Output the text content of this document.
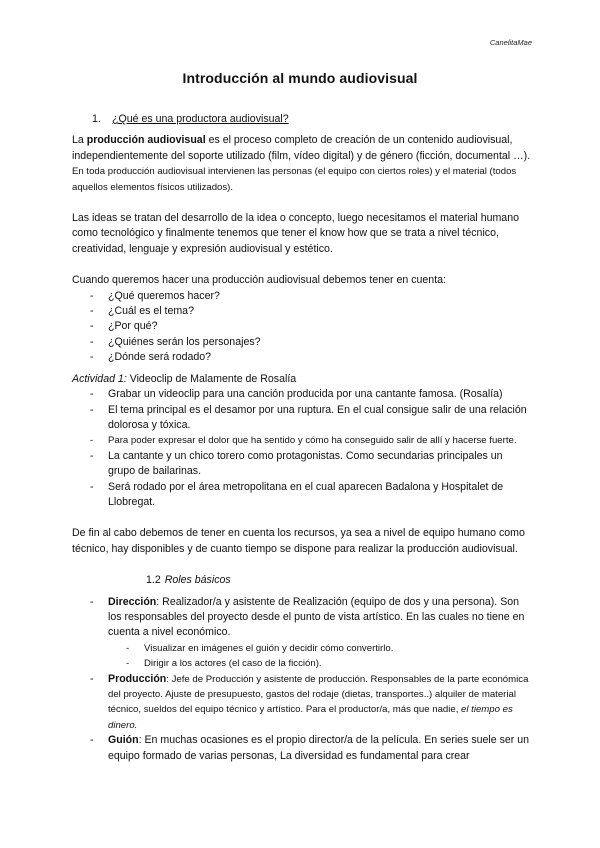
CanelitaMae
Introducción al mundo audiovisual

1. ¿Qué es una productora audiovisual?

La producción audiovisual es el proceso completo de creación de un contenido audiovisual, independientemente del soporte utilizado (film, vídeo digital) y de género (ficción, documental …). En toda producción audiovisual intervienen las personas (el equipo con ciertos roles) y el material (todos aquellos elementos físicos utilizados).

Las ideas se tratan del desarrollo de la idea o concepto, luego necesitamos el material humano como tecnológico y finalmente tenemos que tener el know how que se trata a nivel técnico, creatividad, lenguaje y expresión audiovisual y estético.

Cuando queremos hacer una producción audiovisual debemos tener en cuenta:

- ¿Qué queremos hacer?
- ¿Cuál es el tema?
- ¿Por qué?
- ¿Quiénes serán los personajes?
- ¿Dónde será rodado?

Actividad 1: Videoclip de Malamente de Rosalía

- Grabar un videoclip para una canción producida por una cantante famosa. (Rosalía)
- El tema principal es el desamor por una ruptura. En el cual consigue salir de una relación dolorosa y tóxica.
- Para poder expresar el dolor que ha sentido y cómo ha conseguido salir de allí y hacerse fuerte.
- La cantante y un chico torero como protagonistas. Como secundarias principales un grupo de bailarinas.
- Será rodado por el área metropolitana en el cual aparecen Badalona y Hospitalet de Llobregat.

De fin al cabo debemos de tener en cuenta los recursos, ya sea a nivel de equipo humano como técnico, hay disponibles y de cuanto tiempo se dispone para realizar la producción audiovisual.

1.2 Roles básicos

- Dirección: Realizador/a y asistente de Realización (equipo de dos y una persona). Son los responsables del proyecto desde el punto de vista artístico. En las cuales no tiene en cuenta a nivel económico.
- Visualizar en imágenes el guión y decidir cómo convertirlo.
- Dirigir a los actores (el caso de la ficción).
- Producción: Jefe de Producción y asistente de producción. Responsables de la parte económica del proyecto. Ajuste de presupuesto, gastos del rodaje (dietas, transportes..) alquiler de material técnico, sueldos del equipo técnico y artístico. Para el productor/a, más que nadie, el tiempo es dinero.
- Guión: En muchas ocasiones es el propio director/a de la película. En series suele ser un equipo formado de varias personas, La diversidad es fundamental para crear
